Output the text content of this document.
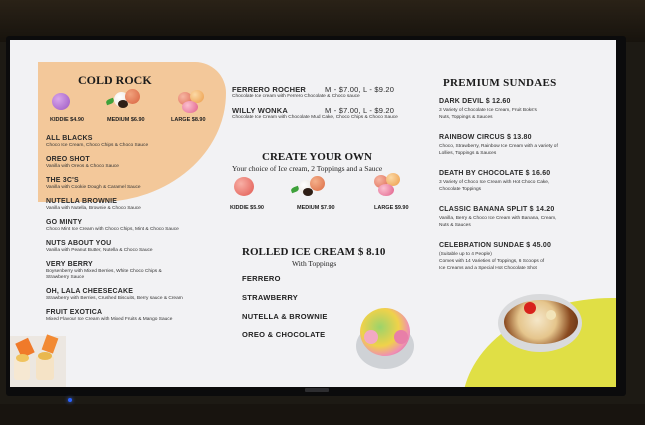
COLD ROCK
KIDDIE $4.90	MEDIUM $6.90	LARGE $8.90
ALL BLACKS
Choco Ice Cream, Choco Chips & Choco Sauce
OREO SHOT
Vanilla with Oreos & Choco Sauce
THE 3C'S
Vanilla with Cookie Dough & Caramel Sauce
NUTELLA BROWNIE
Vanilla with Nutella, Brownie & Choco Sauce
GO MINTY
Choco Mint Ice Cream with Choco Chips, Mint & Choco Sauce
NUTS ABOUT YOU
Vanilla with Peanut Butter, Nutella & Choco Sauce
VERY BERRY
Boysenberry with Mixed Berries, White Choco Chips &
Strawberry Sauce
OH, LALA CHEESECAKE
Strawberry with Berries, Crushed Biscuits, Berry sauce & Cream
FRUIT EXOTICA
Mixed Flavour Ice Cream with Mixed Fruits & Mango Sauce
FERRERO ROCHER	M - $7.00, L - $9.20
Chocolate Ice cream with Ferrero Chocolate & Choco sauce
WILLY WONKA	M - $7.00, L - $9.20
Chocolate Ice Cream with Chocolate Mud Cake, Choco Chips & Choco Sauce
CREATE YOUR OWN
Your choice of Ice cream, 2 Toppings and a Sauce
KIDDIE $5.90	MEDIUM $7.90	LARGE $9.90
ROLLED ICE CREAM $ 8.10
With Toppings
FERRERO
STRAWBERRY
NUTELLA & BROWNIE
OREO & CHOCOLATE
PREMIUM SUNDAES
DARK DEVIL $ 12.60
3 Variety of Chocolate Ice Cream, Fruit Boks's
Nuts, Toppings & Sauces
RAINBOW CIRCUS $ 13.80
Choco, Strawberry, Rainbow Ice Cream with a variety of
Lollies, Toppings & Sauces
DEATH BY CHOCOLATE $ 16.60
3 Variety of Choco Ice Cream with Hot Choco Cake,
Chocolate Toppings
CLASSIC BANANA SPLIT $ 14.20
Vanilla, Berry & Choco Ice Cream with Banana, Cream,
Nuts & Sauces
CELEBRATION SUNDAE $ 45.00
(Suitable up to 4 People)
Comes with 14 Varieties of Toppings, 6 Scoops of
Ice Creams and a Special Hot Chocolate Shot
